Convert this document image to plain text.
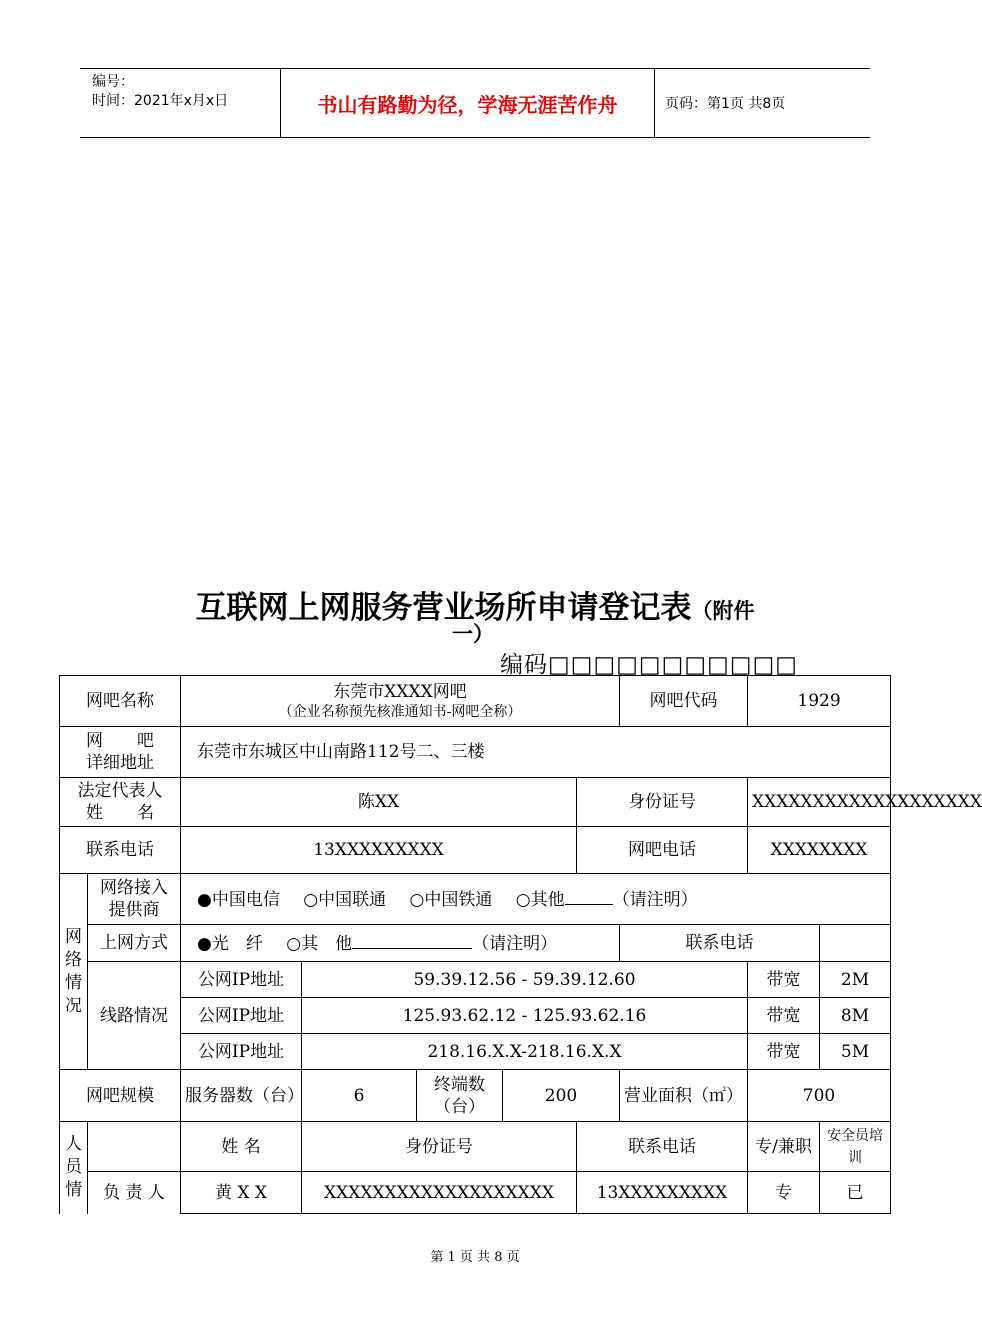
编号：
时间：2021年x月x日	书山有路勤为径，学海无涯苦作舟	页码：第1页 共8页
互联网上网服务营业场所申请登记表（附件
一）
编码□□□□□□□□□□□
网吧名称		东莞市XXXX网吧
（企业名称预先核准通知书-网吧全称）					网吧代码	1929	

网　　吧
详细地址		东莞市东城区中山南路112号二、三楼							

法定代表人
姓　　名		陈XX				身份证号		XXXXXXXXXXXXXXXXXXX	
联系电话		13XXXXXXXXX				网吧电话		XXXXXXXX	

网络情况	网络接入提供商	●中国电信 ○中国联通 ○中国铁通 ○其他 （请注明）							
	上网方式	●光　纤 ○其　他 （请注明）					联系电话		
	线路情况	公网IP地址	59.39.12.56 - 59.39.12.60					带宽	2M
		公网IP地址	125.93.62.12 - 125.93.62.16					带宽	8M
		公网IP地址	218.16.X.X-218.16.X.X					带宽	5M
网吧规模		服务器数（台）	6	终端数（台）	200		营业面积（㎡）	700	

人员情		姓 名	身份证号			联系电话		专/兼职	安全员培训
	负 责 人	黄 X X	XXXXXXXXXXXXXXXXXXX			13XXXXXXXXX		专	已
第 1 页 共 8 页
